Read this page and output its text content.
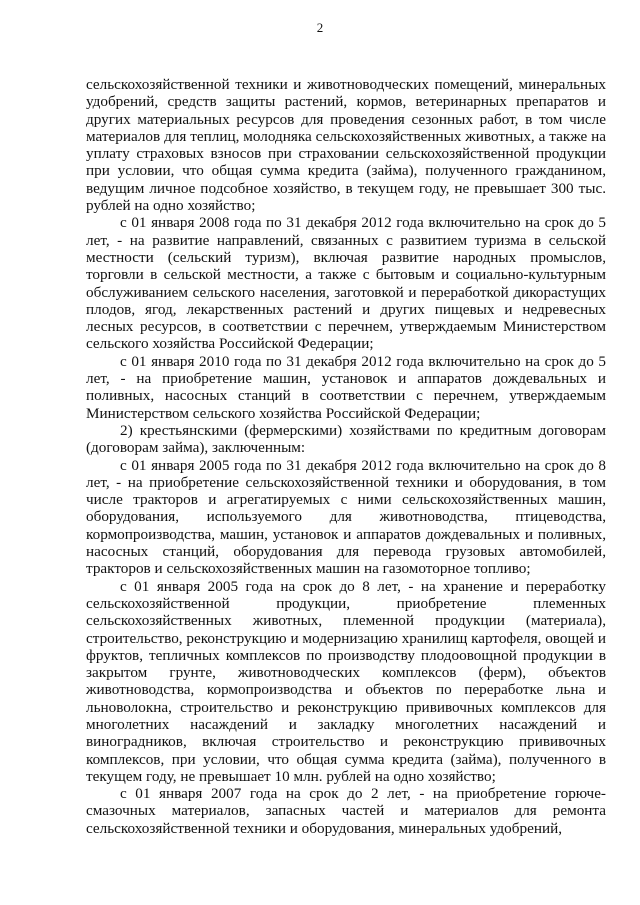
2

сельскохозяйственной техники и животноводческих помещений, минеральных удобрений, средств защиты растений, кормов, ветеринарных препаратов и других материальных ресурсов для проведения сезонных работ, в том числе материалов для теплиц, молодняка сельскохозяйственных животных, а также на уплату страховых взносов при страховании сельскохозяйственной продукции при условии, что общая сумма кредита (займа), полученного гражданином, ведущим личное подсобное хозяйство, в текущем году, не превышает 300 тыс. рублей на одно хозяйство;

с 01 января 2008 года по 31 декабря 2012 года включительно на срок до 5 лет, - на развитие направлений, связанных с развитием туризма в сельской местности (сельский туризм), включая развитие народных промыслов, торговли в сельской местности, а также с бытовым и социально-культурным обслуживанием сельского населения, заготовкой и переработкой дикорастущих плодов, ягод, лекарственных растений и других пищевых и недревесных лесных ресурсов, в соответствии с перечнем, утверждаемым Министерством сельского хозяйства Российской Федерации;

с 01 января 2010 года по 31 декабря 2012 года включительно на срок до 5 лет, - на приобретение машин, установок и аппаратов дождевальных и поливных, насосных станций в соответствии с перечнем, утверждаемым Министерством сельского хозяйства Российской Федерации;

2) крестьянскими (фермерскими) хозяйствами по кредитным договорам (договорам займа), заключенным:

с 01 января 2005 года по 31 декабря 2012 года включительно на срок до 8 лет, - на приобретение сельскохозяйственной техники и оборудования, в том числе тракторов и агрегатируемых с ними сельскохозяйственных машин, оборудования, используемого для животноводства, птицеводства, кормопроизводства, машин, установок и аппаратов дождевальных и поливных, насосных станций, оборудования для перевода грузовых автомобилей, тракторов и сельскохозяйственных машин на газомоторное топливо;

с 01 января 2005 года на срок до 8 лет, - на хранение и переработку сельскохозяйственной продукции, приобретение племенных сельскохозяйственных животных, племенной продукции (материала), строительство, реконструкцию и модернизацию хранилищ картофеля, овощей и фруктов, тепличных комплексов по производству плодоовощной продукции в закрытом грунте, животноводческих комплексов (ферм), объектов животноводства, кормопроизводства и объектов по переработке льна и льноволокна, строительство и реконструкцию прививочных комплексов для многолетних насаждений и закладку многолетних насаждений и виноградников, включая строительство и реконструкцию прививочных комплексов, при условии, что общая сумма кредита (займа), полученного в текущем году, не превышает 10 млн. рублей на одно хозяйство;

с 01 января 2007 года на срок до 2 лет, - на приобретение горюче-смазочных материалов, запасных частей и материалов для ремонта сельскохозяйственной техники и оборудования, минеральных удобрений,
